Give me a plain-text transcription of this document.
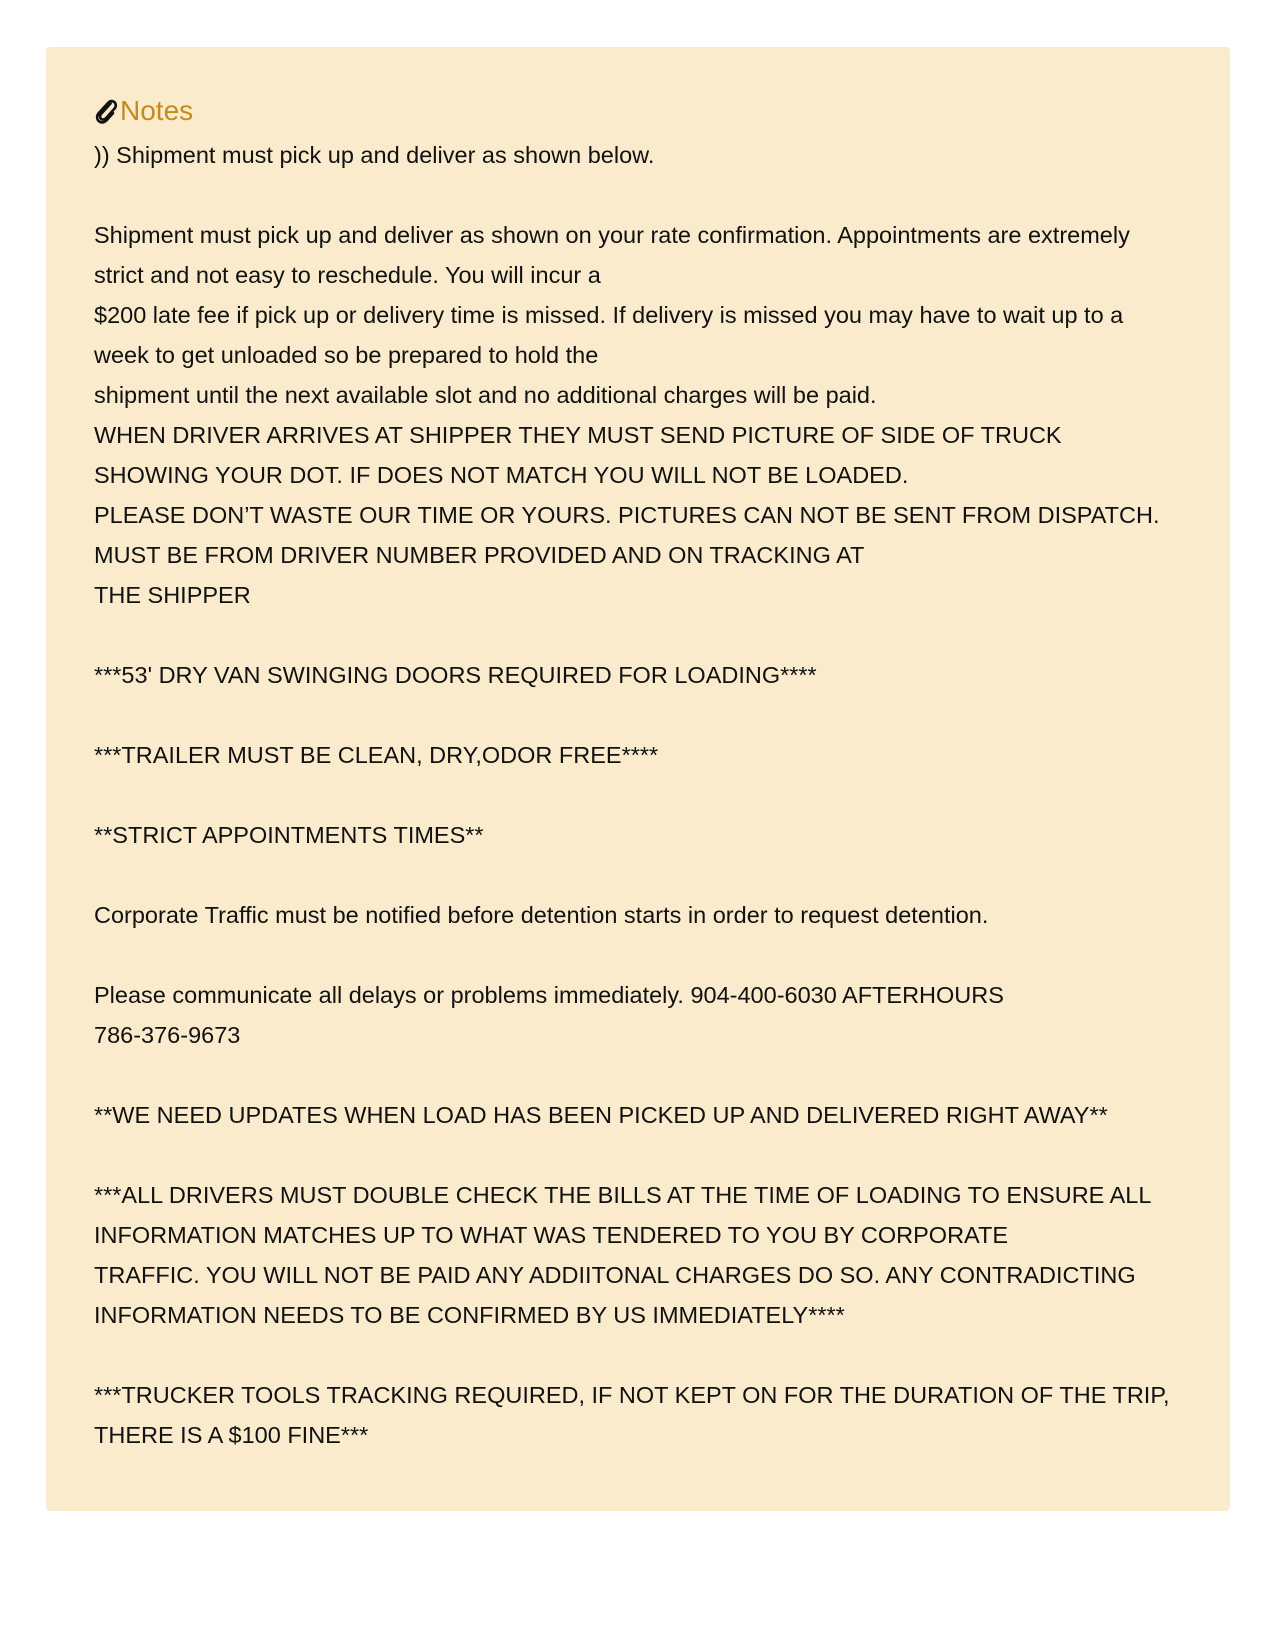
Notes
)) Shipment must pick up and deliver as shown below.
Shipment must pick up and deliver as shown on your rate confirmation. Appointments are extremely
strict and not easy to reschedule. You will incur a
$200 late fee if pick up or delivery time is missed. If delivery is missed you may have to wait up to a
week to get unloaded so be prepared to hold the
shipment until the next available slot and no additional charges will be paid.
WHEN DRIVER ARRIVES AT SHIPPER THEY MUST SEND PICTURE OF SIDE OF TRUCK
SHOWING YOUR DOT. IF DOES NOT MATCH YOU WILL NOT BE LOADED.
PLEASE DON’T WASTE OUR TIME OR YOURS. PICTURES CAN NOT BE SENT FROM DISPATCH.
MUST BE FROM DRIVER NUMBER PROVIDED AND ON TRACKING AT
THE SHIPPER
***53' DRY VAN SWINGING DOORS REQUIRED FOR LOADING****
***TRAILER MUST BE CLEAN, DRY,ODOR FREE****
**STRICT APPOINTMENTS TIMES**
Corporate Traffic must be notified before detention starts in order to request detention.
Please communicate all delays or problems immediately. 904-400-6030 AFTERHOURS
786-376-9673
**WE NEED UPDATES WHEN LOAD HAS BEEN PICKED UP AND DELIVERED RIGHT AWAY**
***ALL DRIVERS MUST DOUBLE CHECK THE BILLS AT THE TIME OF LOADING TO ENSURE ALL
INFORMATION MATCHES UP TO WHAT WAS TENDERED TO YOU BY CORPORATE
TRAFFIC. YOU WILL NOT BE PAID ANY ADDIITONAL CHARGES DO SO. ANY CONTRADICTING
INFORMATION NEEDS TO BE CONFIRMED BY US IMMEDIATELY****
***TRUCKER TOOLS TRACKING REQUIRED, IF NOT KEPT ON FOR THE DURATION OF THE TRIP,
THERE IS A $100 FINE***
